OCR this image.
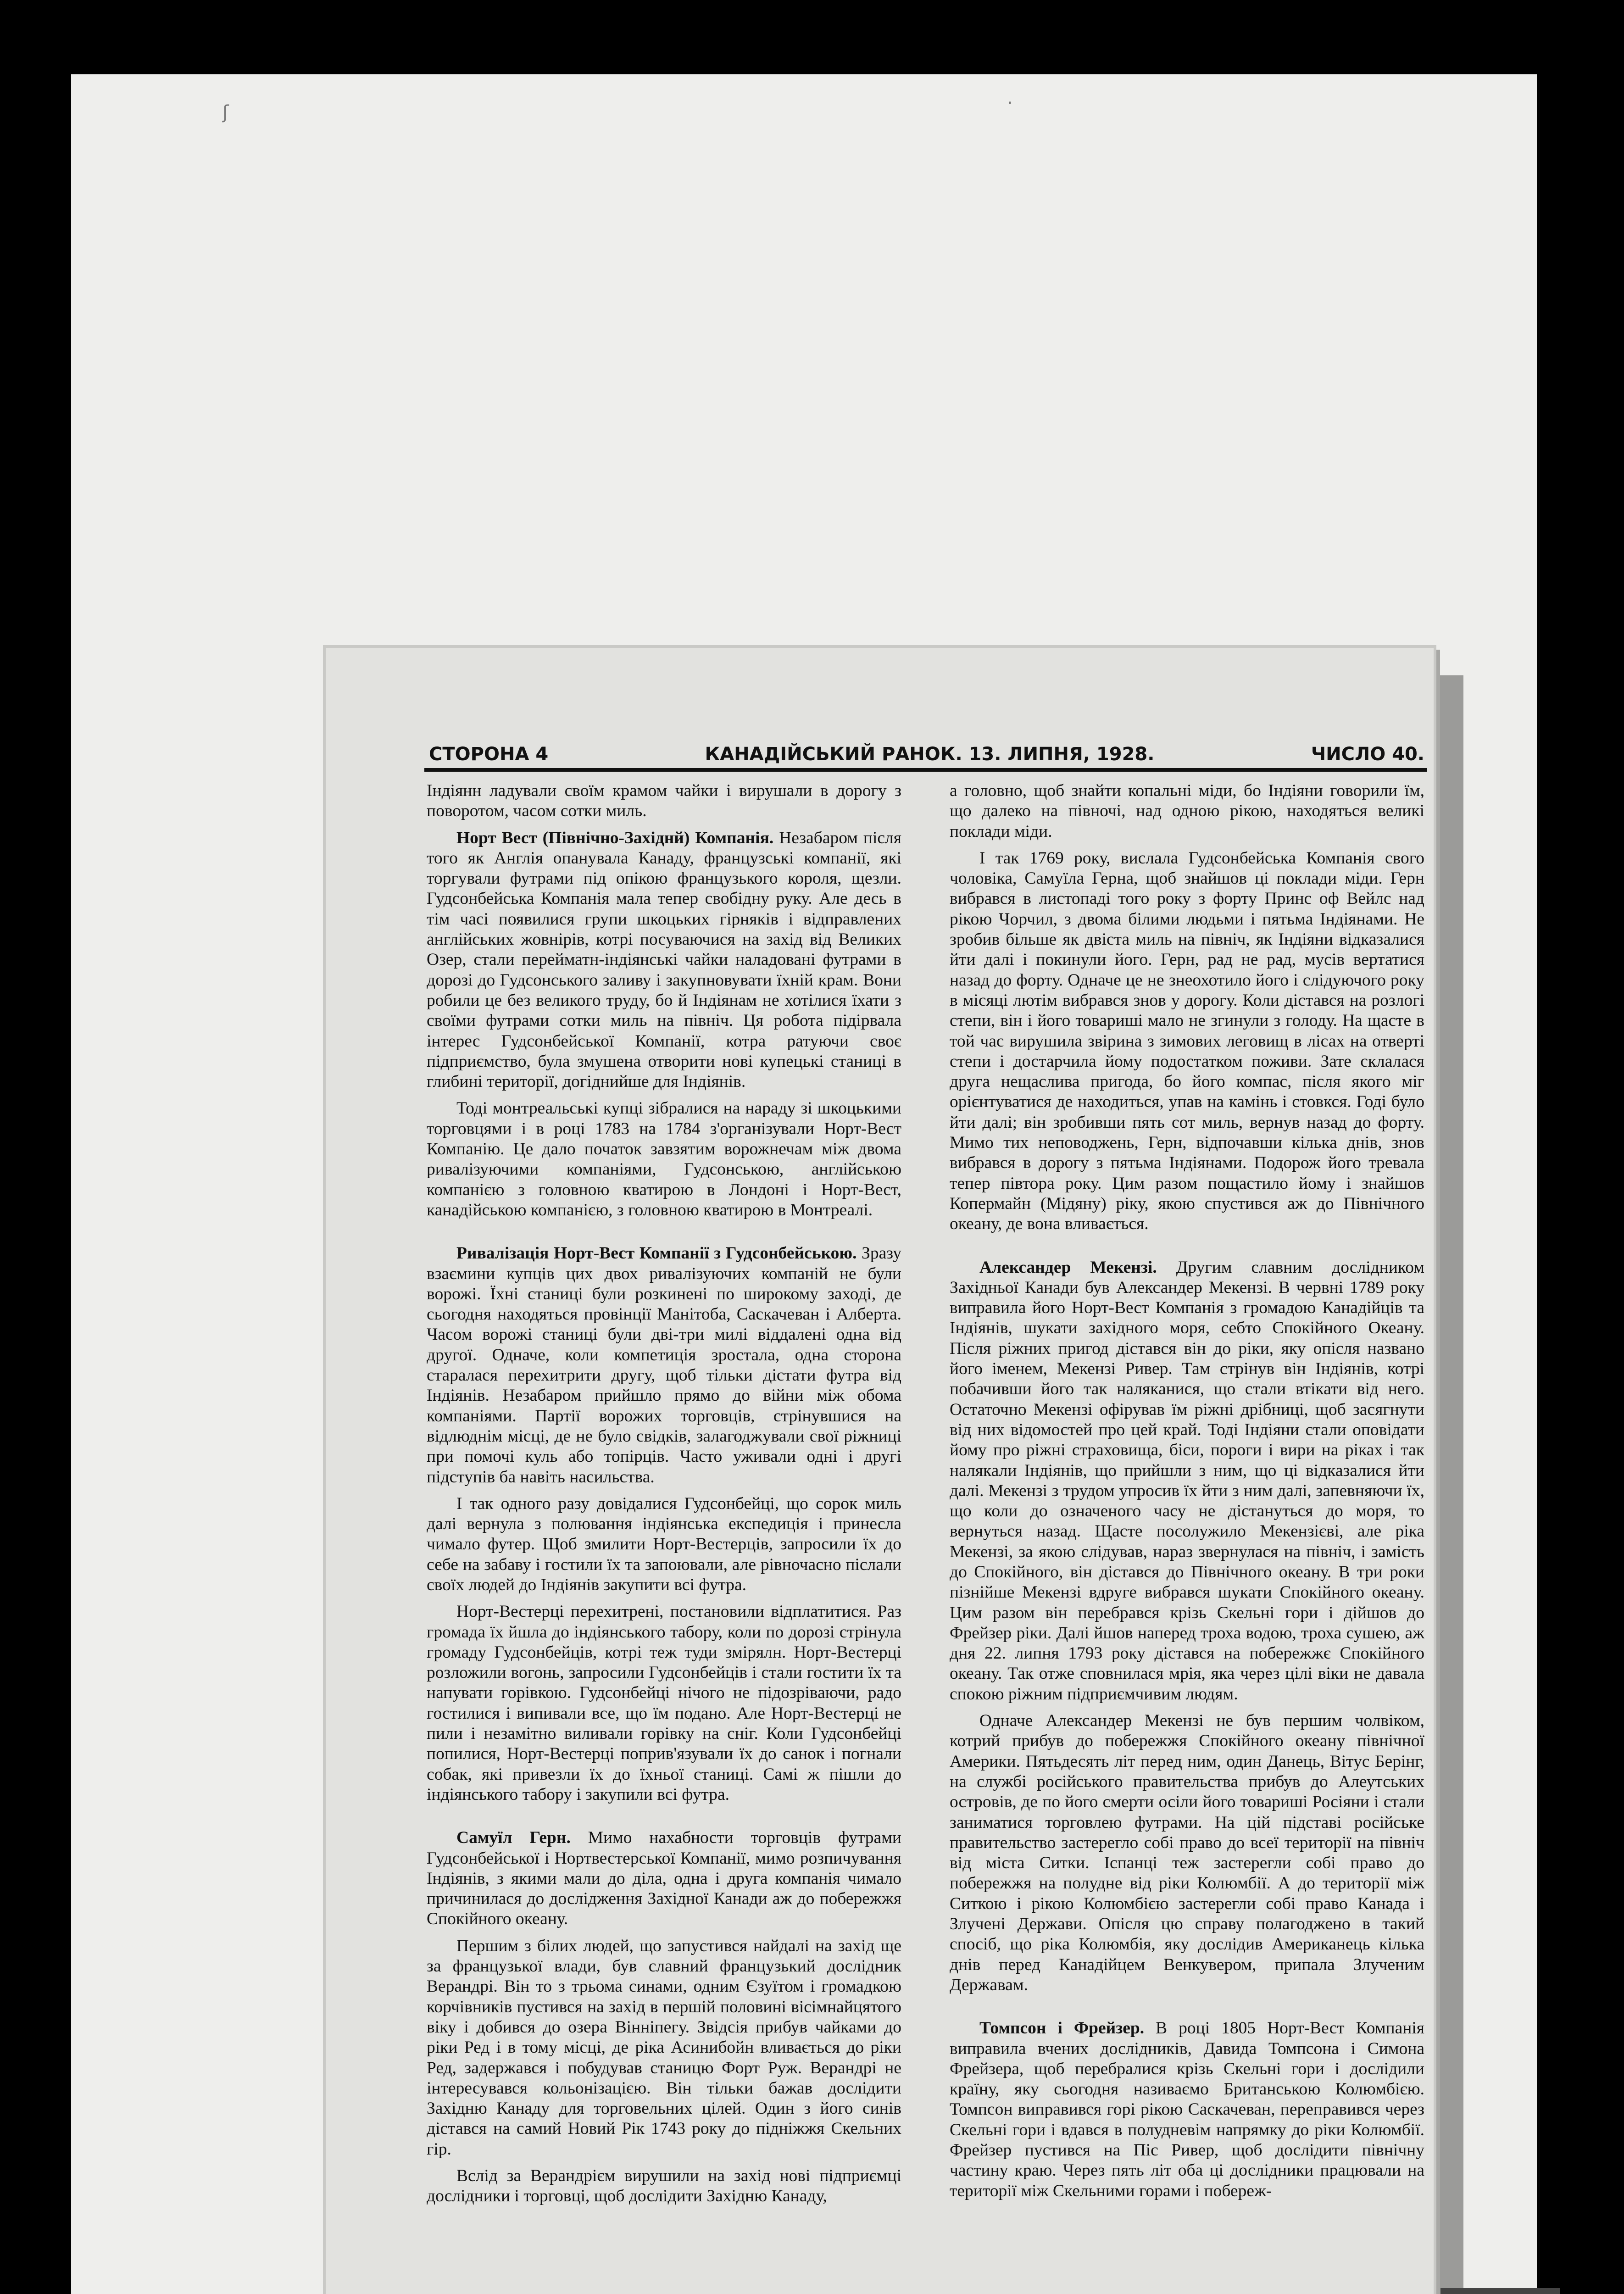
ʃ	·
СТОРОНА 4	КАНАДІЙСЬКИЙ РАНОК. 13. ЛИПНЯ, 1928.	ЧИСЛО 40.

Індіянн ладували своїм крамом чайки і вирушали в дорогу з поворотом, часом сотки миль.

Норт Вест (Північно-Західнй) Компанія. Незабаром після того як Англія опанувала Канаду, французські компанії, які торгували футрами під опікою французького короля, щезли. Гудсонбейська Компанія мала тепер свобідну руку. Але десь в тім часі появилися групи шкоцьких гірняків і відправлених англійських жовнірів, котрі посуваючися на захід від Великих Озер, стали перейматн-індіянські чайки наладовані футрами в дорозі до Гудсонського заливу і закупновувати їхній крам. Вони робили це без великого труду, бо й Індіянам не хотілися їхати з своїми футрами сотки миль на північ. Ця робота підірвала інтерес Гудсонбейської Компанії, котра ратуючи своє підприємство, була змушена отворити нові купецькі станиці в глибині території, догіднийше для Індіянів.

Тоді монтреальські купці зібралися на нараду зі шкоцькими торговцями і в році 1783 на 1784 з'організували Норт-Вест Компанію. Це дало початок завзятим ворожнечам між двома ривалізуючими компаніями, Гудсонською, англійською компанією з головною кватирою в Лондоні і Норт-Вест, канадійською компанією, з головною кватирою в Монтреалі.

Ривалізація Норт-Вест Компанії з Гудсонбейською. Зразу взаємини купців цих двох ривалізуючих компаній не були ворожі. Їхні станиці були розкинені по широкому заході, де сьогодня находяться провінції Манітоба, Саскачеван і Алберта. Часом ворожі станиці були дві-три милі віддалені одна від другої. Одначе, коли компетиція зросталa, одна сторона старалася перехитрити другу, щоб тільки дістати футра від Індіянів. Незабаром прийшло прямо до війни між обома компаніями. Партії ворожих торговців, стрінувшися на відлюднім місці, де не було свідків, залагоджували свої ріжниці при помочі куль або топірців. Часто уживали одні і другі підступів ба навіть насильства.

І так одного разу довідалися Гудсонбейці, що сорок миль далі вернула з полювання індіянська експедиція і принесла чимало футер. Щоб змилити Норт-Вестерців, запросили їх до себе на забаву і гостили їх та запоювали, але рівночасно післали своїх людей до Індіянів закупити всі футра.

Норт-Вестерці перехитрені, постановили відплатитися. Раз громада їх йшла до індіянського табору, коли по дорозі стрінула громаду Гудсонбейців, котрі теж туди змірялн. Норт-Вестерці розложили вогонь, запросили Гудсонбейців і стали гостити їх та напувати горівкою. Гудсонбейці нічого не підозріваючи, радо гостилися і випивали все, що їм подано. Але Норт-Вестерці не пили і незамітно виливали горівку на сніг. Коли Гудсонбейці попилися, Норт-Вестерці поприв'язували їх до санок і погнали собак, які привезли їх до їхньої станиці. Самі ж пішли до індіянського табору і закупили всі футра.

Самуїл Герн. Мимо нахабности торговців футрами Гудсонбейської і Нортвестерської Компанії, мимо розпичування Індіянів, з якими мали до діла, одна і друга компанія чимало причинилася до дослідження Західної Канади аж до побережжя Спокійного океану.

Першим з білих людей, що запустився найдалі на захід ще за французької влади, був славний французький дослідник Верандрі. Він то з трьома синами, одним Єзуїтом і громадкою корчівників пустився на захід в першій половині вісімнайцятого віку і добився до озера Вінніпегу. Звідсія прибув чайками до ріки Ред і в тому місці, де ріка Асинибойн вливається до ріки Ред, задержався і побудував станицю Форт Руж. Верандрі не інтересувався кольонізацією. Він тільки бажав дослідити Західню Канаду для торговельних цілей. Один з його синів дістався на самий Новий Рік 1743 року до підніжжя Скельних гір.

Вслід за Верандрієм вирушили на захід нові підприємці дослідники і торговці, щоб дослідити Західню Канаду,

а головно, щоб знайти копальні міди, бо Індіяни говорили їм, що далеко на півночі, над одною рікою, находяться великі поклади міди.

І так 1769 року, вислала Гудсонбейська Компанія свого чоловіка, Самуїла Герна, щоб знайшов ці поклади міди. Герн вибрався в листопаді того року з форту Принс оф Вейлс над рікою Чорчил, з двома білими людьми і пятьма Індіянами. Не зробив більше як двіста миль на північ, як Індіяни відказалися йти далі і покинули його. Герн, рад не рад, мусів вертатися назад до форту. Одначе це не знеохотило його і слідуючого року в місяці лютім вибрався знов у дорогу. Коли дістався на розлогі степи, він і його товариші мало не згинули з голоду. На щасте в той час вирушила звірина з зимових леговищ в лісах на отверті степи і достарчила йому подостатком поживи. Зате склалася друга нещаслива пригода, бо його компас, після якого міг орієнтуватися де находиться, упав на камінь і стовкся. Годі було йти далі; він зробивши пять сот миль, вернув назад до форту. Мимо тих неповоджень, Герн, відпочавши кілька днів, знов вибрався в дорогу з пятьма Індіянами. Подорож його тревала тепер півтора року. Цим разом пощастило йому і знайшов Копермайн (Мідяну) ріку, якою спустився аж до Північного океану, де вона вливається.

Александер Мекензі. Другим славним дослідником Західньої Канади був Александер Мекензі. В червні 1789 року виправила його Норт-Вест Компанія з громадою Канадійців та Індіянів, шукати західного моря, себто Спокійного Океану. Після ріжних пригод дістався він до ріки, яку опісля названо його іменем, Мекензі Ривер. Там стрінув він Індіянів, котрі побачивши його так наляканися, що стали втікати від него. Остаточно Мекензі офірував їм ріжні дрібниці, щоб засягнути від них відомостей про цей край. Тоді Індіяни стали оповідати йому про ріжні страховища, біси, пороги і вири на ріках і так налякали Індіянів, що прийшли з ним, що ці відказалися йти далі. Мекензі з трудом упросив їх йти з ним далі, запевняючи їх, що коли до означеного часу не дістануться до моря, то вернуться назад. Щасте посолужило Мекензієві, але ріка Мекензі, за якою слідував, нараз звернулася на північ, і замість до Спокійного, він дістався до Північного океану. В три роки пізнійше Мекензі вдруге вибрався шукати Спокійного океану. Цим разом він перебрався крізь Скельні гори і дійшов до Фрейзер ріки. Далі йшов наперед троха водою, троха сушею, аж дня 22. липня 1793 року дістався на побережжє Спокійного океану. Так отже сповнилася мрія, яка через цілі віки не давала спокою ріжним підприємчивим людям.

Одначе Александер Мекензі не був першим чолвіком, котрий прибув до побережжя Спокійного океану північної Америки. Пятьдесять літ перед ним, один Данець, Вітус Берінг, на службі російського правительства прибув до Алеутських островів, де по його смерти осіли його товариші Росіяни і стали заниматися торговлею футрами. На цій підставі російське правительство застерегло собі право до всеї території на північ від міста Ситки. Іспанці теж застерегли собі право до побережжя на полудне від ріки Колюмбії. А до території між Ситкою і рікою Колюмбією застерегли собі право Канада і Злучені Держави. Опісля цю справу полагоджено в такий спосіб, що ріка Колюмбія, яку дослідив Американець кілька днів перед Канадійцем Венкувером, припала Злученим Державам.

Томпсон і Фрейзер. В році 1805 Норт-Вест Компанія виправила вчених дослідників, Давида Томпсона і Симона Фрейзера, щоб перебралися крізь Скельні гори і дослідили країну, яку сьогодня називаємо Британською Колюмбією. Томпсон виправився горі рікою Саскачеван, переправився через Скельні гори і вдався в полудневім напрямку до ріки Колюмбії. Фрейзер пустився на Піс Ривер, щоб дослідити північну частину краю. Через пять літ оба ці дослідники працювали на території між Скельними горами і побереж-
